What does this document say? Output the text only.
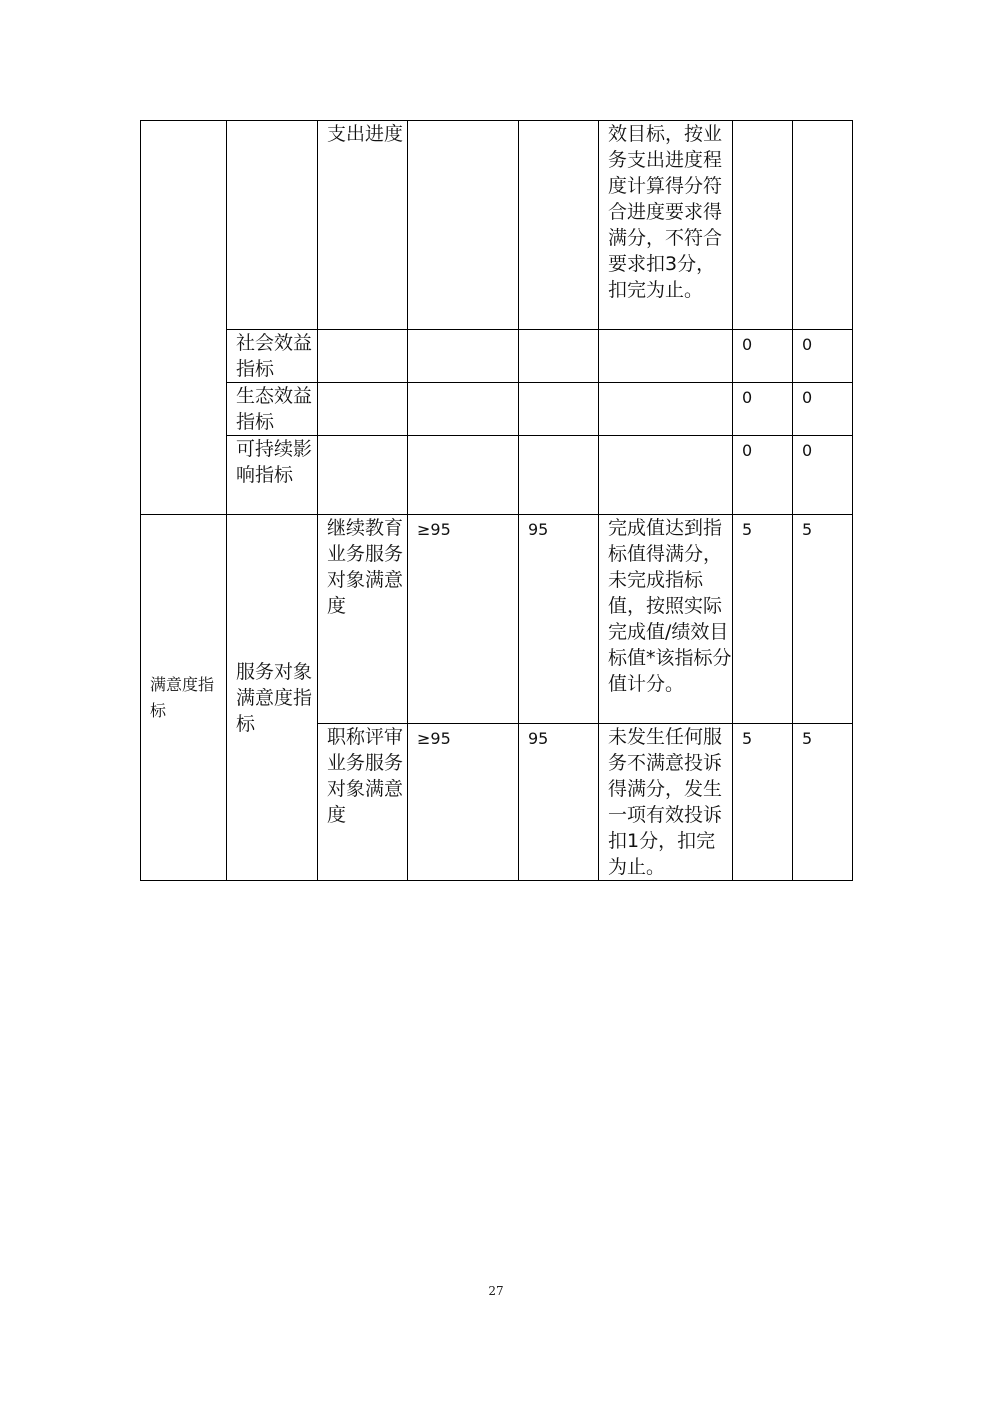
		支出进度			效目标，按业务支出进度程度计算得分符合进度要求得满分，不符合要求扣3分，扣完为止。		
	社会效益指标					0	0
	生态效益指标					0	0
	可持续影响指标					0	0
满意度指标	服务对象满意度指标	继续教育业务服务对象满意度	≥95	95	完成值达到指标值得满分，未完成指标值，按照实际完成值/绩效目标值*该指标分值计分。	5	5
		职称评审业务服务对象满意度	≥95	95	未发生任何服务不满意投诉得满分，发生一项有效投诉扣1分，扣完为止。	5	5
27
